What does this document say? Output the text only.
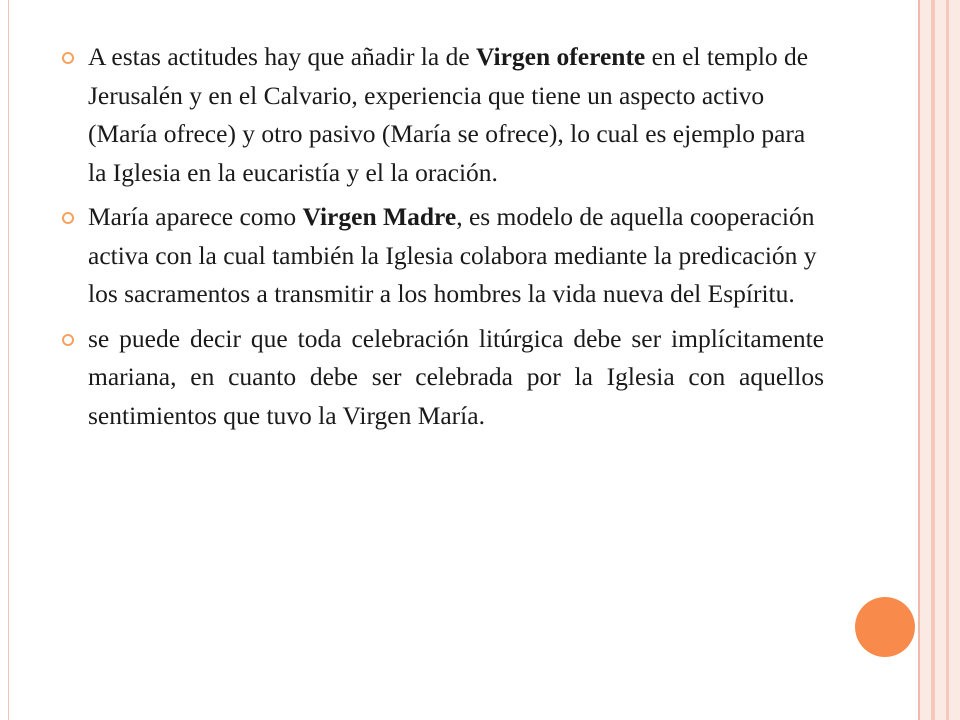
A estas actitudes hay que añadir la de Virgen oferente en el templo de Jerusalén y en el Calvario, experiencia que tiene un aspecto activo (María ofrece) y otro pasivo (María se ofrece), lo cual es ejemplo para la Iglesia en la eucaristía y el la oración.
María aparece como Virgen Madre, es modelo de aquella cooperación activa con la cual también la Iglesia colabora mediante la predicación y los sacramentos a transmitir a los hombres la vida nueva del Espíritu.
se puede decir que toda celebración litúrgica debe ser implícitamente mariana, en cuanto debe ser celebrada por la Iglesia con aquellos sentimientos que tuvo la Virgen María.
